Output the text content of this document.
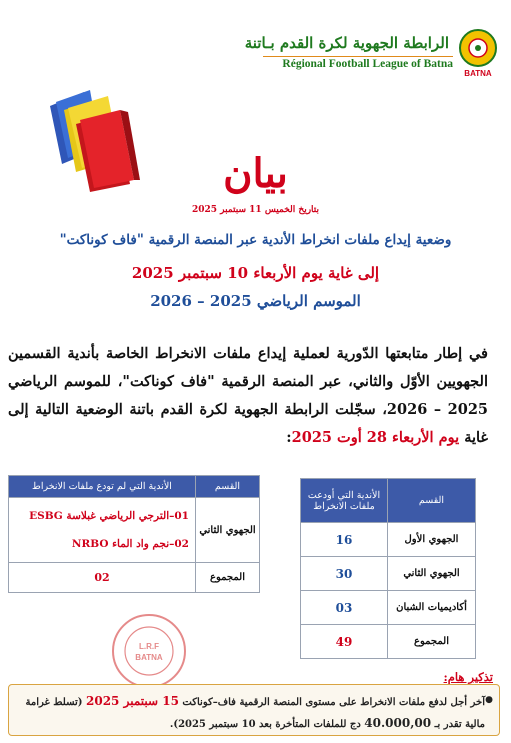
الرابطة الجهوية لكرة القدم بـاتنة
Régional Football League of Batna
BATNA
بيان
بتاريخ الخميس 11 سبتمبر 2025
وضعية إيداع ملفات انخراط الأندية عبر المنصة الرقمية "فاف كوناكت"
إلى غاية يوم الأربعاء 10 سبتمبر 2025
الموسم الرياضي 2025 – 2026
في إطار متابعتها الدّورية لعملية إيداع ملفات الانخراط الخاصة بأندية القسمين الجهويين الأوّل والثاني، عبر المنصة الرقمية "فاف كوناكت"، للموسم الرياضي 2025 – 2026، سجّلت الرابطة الجهوية لكرة القدم باتنة الوضعية التالية إلى غاية يوم الأربعاء 28 أوت 2025:
القسم	الأندية التي أودعت ملفات الانخراط
الجهوي الأول	16
الجهوي الثاني	30
أكاديميات الشبان	03
المجموع	49
القسم	الأندية التي لم تودع ملفات الانخراط
الجهوي الثاني	01–الترجي الرياضي غبلاسة ESBG
02–نجم واد الماء NRBO

المجموع	02
L.R.F
BATNA
تذكير هام:
●
آخر أجل لدفع ملفات الانخراط على مستوى المنصة الرقمية فاف–كوناكت 15 سبتمبر 2025 (تسلط غرامة مالية تقدر بـ 40.000,00 دج للملفات المتأخرة بعد 10 سبتمبر 2025).
